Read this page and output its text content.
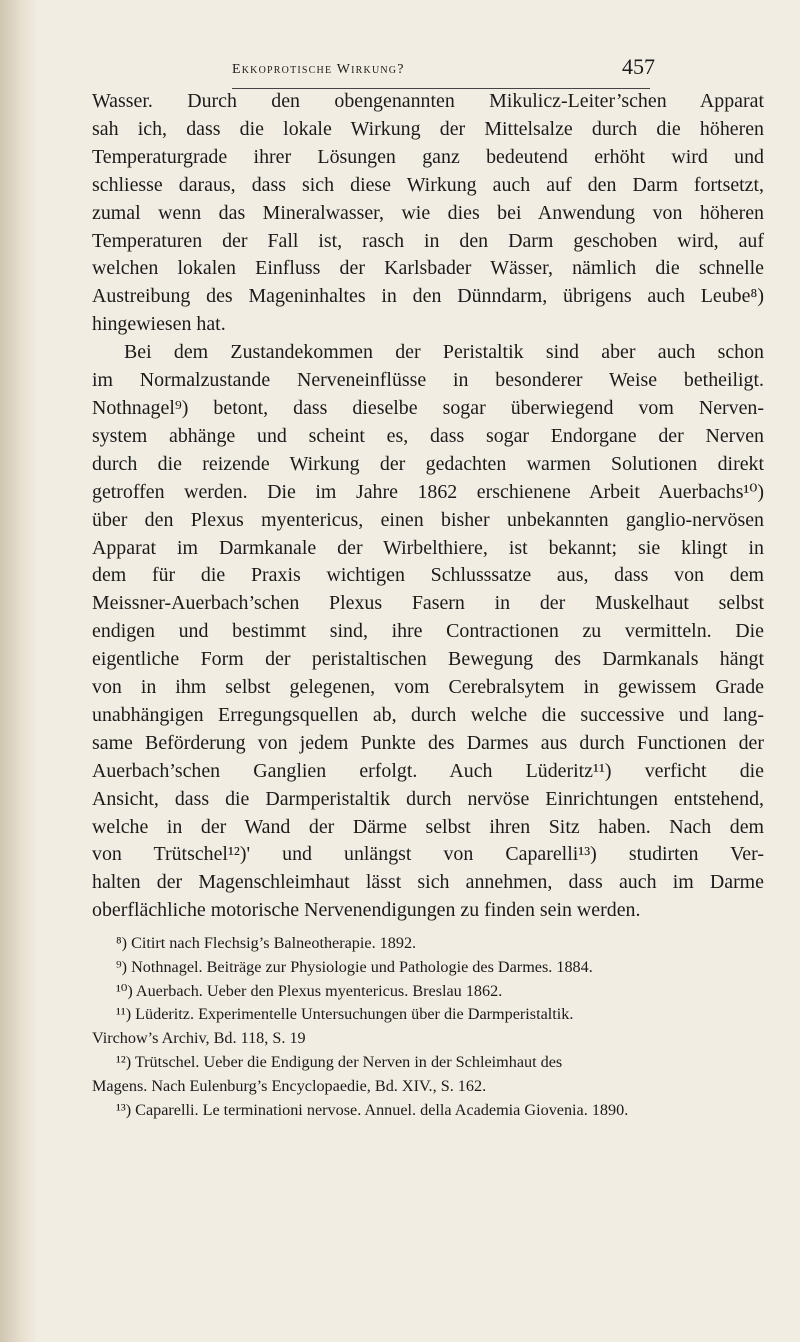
Ekkoprotische Wirkung?	457
Wasser. Durch den obengenannten Mikulicz-Leiter’schen Apparat
sah ich, dass die lokale Wirkung der Mittelsalze durch die höheren
Temperaturgrade ihrer Lösungen ganz bedeutend erhöht wird und
schliesse daraus, dass sich diese Wirkung auch auf den Darm fortsetzt,
zumal wenn das Mineralwasser, wie dies bei Anwendung von höheren
Temperaturen der Fall ist, rasch in den Darm geschoben wird, auf
welchen lokalen Einfluss der Karlsbader Wässer, nämlich die schnelle
Austreibung des Mageninhaltes in den Dünndarm, übrigens auch Leube⁸)
hingewiesen hat.
Bei dem Zustandekommen der Peristaltik sind aber auch schon
im Normalzustande Nerveneinflüsse in besonderer Weise betheiligt.
Nothnagel⁹) betont, dass dieselbe sogar überwiegend vom Nerven-
system abhänge und scheint es, dass sogar Endorgane der Nerven
durch die reizende Wirkung der gedachten warmen Solutionen direkt
getroffen werden. Die im Jahre 1862 erschienene Arbeit Auerbachs¹⁰)
über den Plexus myentericus, einen bisher unbekannten ganglio-nervösen
Apparat im Darmkanale der Wirbelthiere, ist bekannt; sie klingt in
dem für die Praxis wichtigen Schlusssatze aus, dass von dem
Meissner-Auerbach’schen Plexus Fasern in der Muskelhaut selbst
endigen und bestimmt sind, ihre Contractionen zu vermitteln. Die
eigentliche Form der peristaltischen Bewegung des Darmkanals hängt
von in ihm selbst gelegenen, vom Cerebralsytem in gewissem Grade
unabhängigen Erregungsquellen ab, durch welche die successive und lang-
same Beförderung von jedem Punkte des Darmes aus durch Functionen der
Auerbach’schen Ganglien erfolgt. Auch Lüderitz¹¹) verficht die
Ansicht, dass die Darmperistaltik durch nervöse Einrichtungen entstehend,
welche in der Wand der Därme selbst ihren Sitz haben. Nach dem
von Trütschel¹²)' und unlängst von Caparelli¹³) studirten Ver-
halten der Magenschleimhaut lässt sich annehmen, dass auch im Darme
oberflächliche motorische Nervenendigungen zu finden sein werden.
⁸) Citirt nach Flechsig’s Balneotherapie. 1892.
⁹) Nothnagel. Beiträge zur Physiologie und Pathologie des Darmes. 1884.
¹⁰) Auerbach. Ueber den Plexus myentericus. Breslau 1862.
¹¹) Lüderitz. Experimentelle Untersuchungen über die Darmperistaltik.
Virchow’s Archiv, Bd. 118, S. 19
¹²) Trütschel. Ueber die Endigung der Nerven in der Schleimhaut des
Magens. Nach Eulenburg’s Encyclopaedie, Bd. XIV., S. 162.
¹³) Caparelli. Le terminationi nervose. Annuel. della Academia Giovenia. 1890.
